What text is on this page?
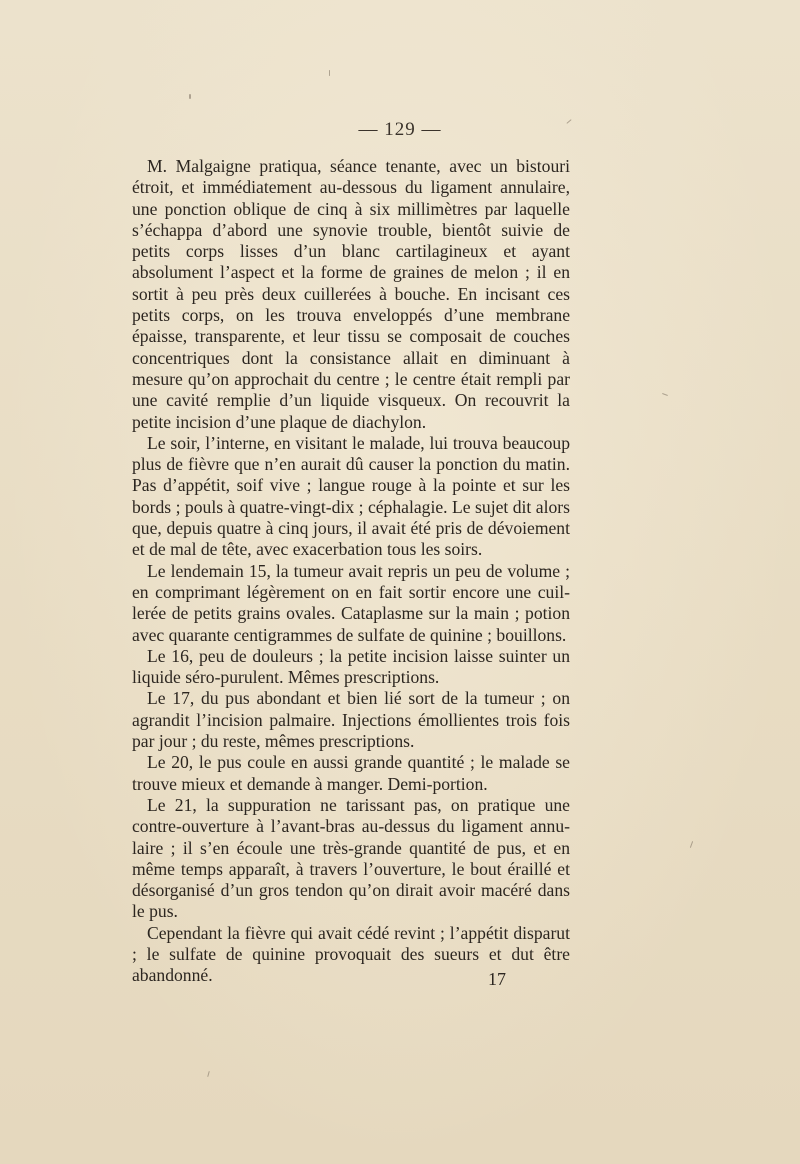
— 129 —

M. Malgaigne pratiqua, séance tenante, avec un bistouri étroit, et immédiatement au-dessous du ligament annulaire, une ponction oblique de cinq à six millimètres par laquelle s’échappa d’abord une synovie trouble, bientôt suivie de petits corps lisses d’un blanc cartilagineux et ayant absolument l’aspect et la forme de graines de melon ; il en sortit à peu près deux cuillerées à bouche. En incisant ces petits corps, on les trouva enveloppés d’une membrane épaisse, transparente, et leur tissu se composait de couches concentriques dont la consistance allait en diminuant à mesure qu’on approchait du centre ; le centre était rempli par une cavité remplie d’un liquide visqueux. On recouvrit la petite incision d’une plaque de diachylon.

Le soir, l’interne, en visitant le malade, lui trouva beaucoup plus de fièvre que n’en aurait dû causer la ponction du matin. Pas d’appétit, soif vive ; langue rouge à la pointe et sur les bords ; pouls à quatre-vingt-dix ; céphalagie. Le sujet dit alors que, depuis quatre à cinq jours, il avait été pris de dévoiement et de mal de tête, avec exacerbation tous les soirs.

Le lendemain 15, la tumeur avait repris un peu de volume ; en comprimant légèrement on en fait sortir encore une cuillerée de petits grains ovales. Cataplasme sur la main ; potion avec quarante centigrammes de sulfate de quinine ; bouillons.

Le 16, peu de douleurs ; la petite incision laisse suinter un liquide séro-purulent. Mêmes prescriptions.

Le 17, du pus abondant et bien lié sort de la tumeur ; on agrandit l’incision palmaire. Injections émollientes trois fois par jour ; du reste, mêmes prescriptions.

Le 20, le pus coule en aussi grande quantité ; le malade se trouve mieux et demande à manger. Demi-portion.

Le 21, la suppuration ne tarissant pas, on pratique une contre-ouverture à l’avant-bras au-dessus du ligament annulaire ; il s’en écoule une très-grande quantité de pus, et en même temps apparaît, à travers l’ouverture, le bout éraillé et désorganisé d’un gros tendon qu’on dirait avoir macéré dans le pus.

Cependant la fièvre qui avait cédé revint ; l’appétit disparut ; le sulfate de quinine provoquait des sueurs et dut être abandonné.	17
